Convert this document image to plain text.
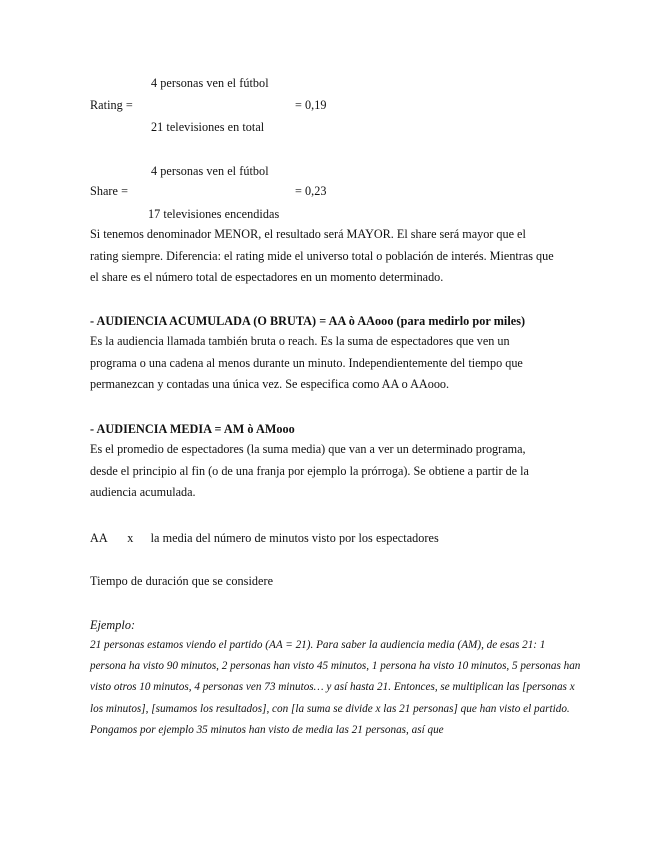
4 personas ven el fútbol
Rating =	= 0,19
21 televisiones en total
4 personas ven el fútbol
Share =	= 0,23
17 televisiones encendidas
Si tenemos denominador MENOR, el resultado será MAYOR. El share será mayor que el
rating siempre. Diferencia: el rating mide el universo total o población de interés. Mientras que
el share es el número total de espectadores en un momento determinado.
- AUDIENCIA ACUMULADA (O BRUTA) = AA ò AAooo (para medirlo por miles)
Es la audiencia llamada también bruta o reach. Es la suma de espectadores que ven un
programa o una cadena al menos durante un minuto. Independientemente del tiempo que
permanezcan y contadas una única vez. Se especifica como AA o AAooo.
- AUDIENCIA MEDIA = AM ò AMooo
Es el promedio de espectadores (la suma media) que van a ver un determinado programa,
desde el principio al fin (o de una franja por ejemplo la prórroga). Se obtiene a partir de la
audiencia acumulada.
AA x la media del número de minutos visto por los espectadores
Tiempo de duración que se considere
Ejemplo:
21 personas estamos viendo el partido (AA = 21). Para saber la audiencia media (AM), de esas 21: 1
persona ha visto 90 minutos, 2 personas han visto 45 minutos, 1 persona ha visto 10 minutos, 5 personas han
visto otros 10 minutos, 4 personas ven 73 minutos… y así hasta 21. Entonces, se multiplican las [personas x
los minutos], [sumamos los resultados], con [la suma se divide x las 21 personas] que han visto el partido.
Pongamos por ejemplo 35 minutos han visto de media las 21 personas, así que
